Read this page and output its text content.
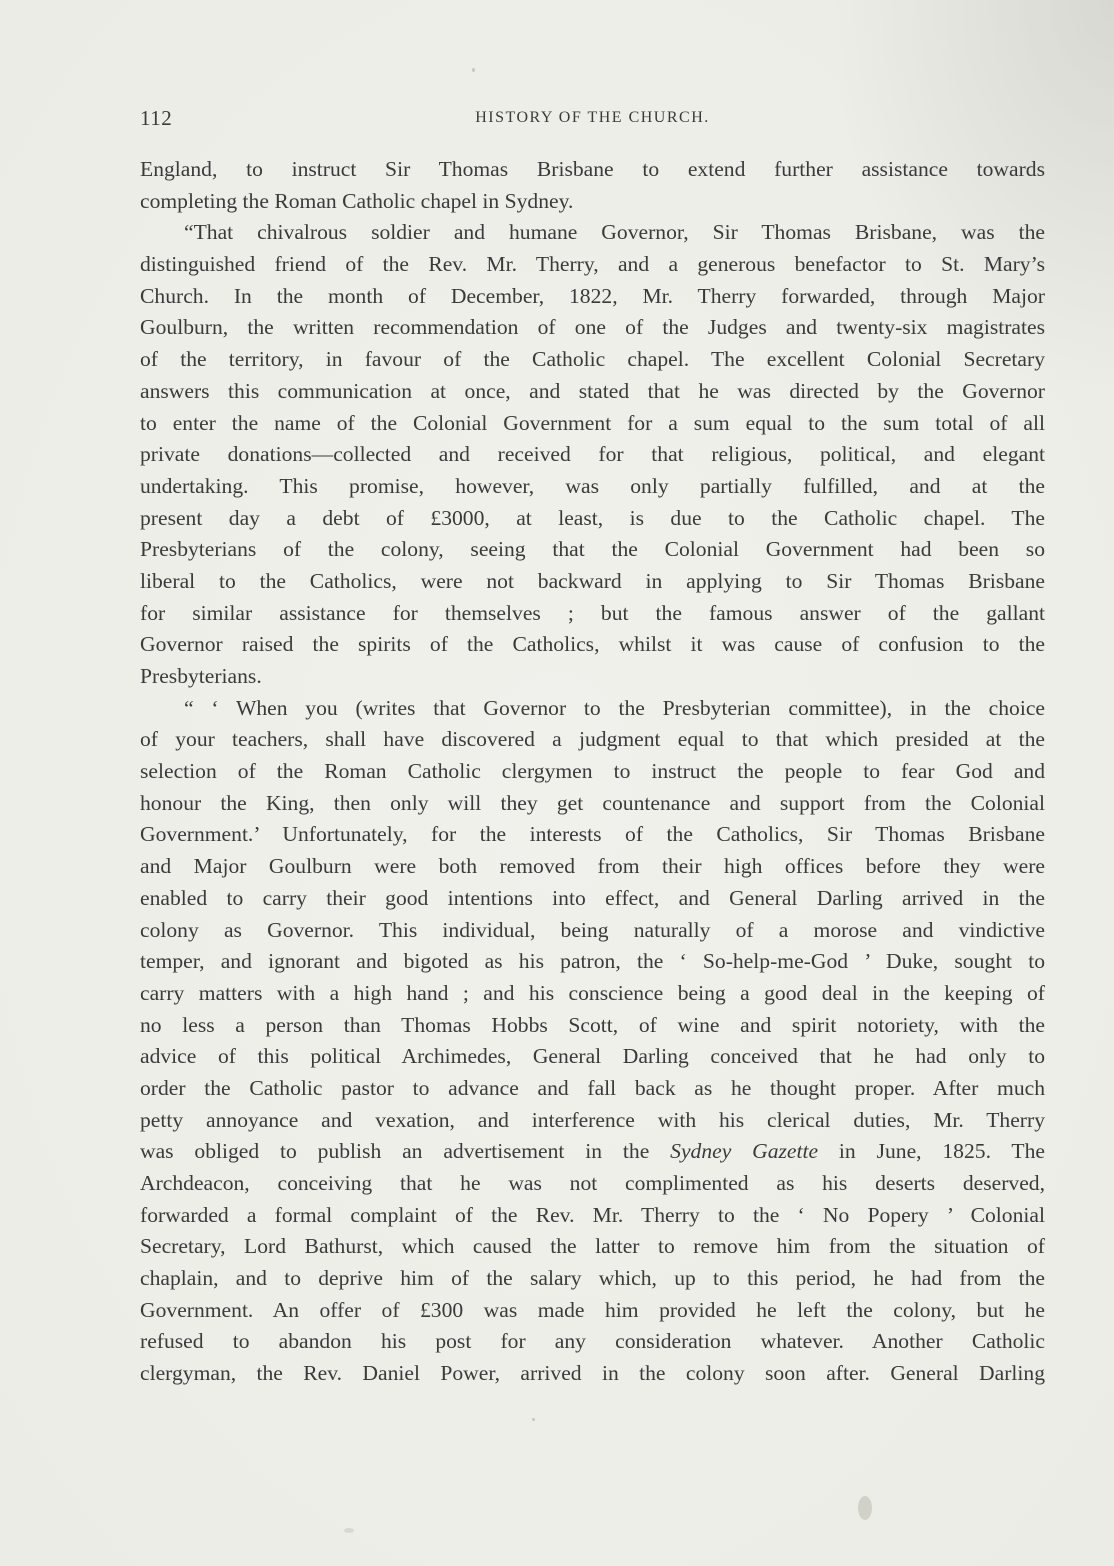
112	HISTORY OF THE CHURCH.
England, to instruct Sir Thomas Brisbane to extend further assistance towards
completing the Roman Catholic chapel in Sydney.
“That chivalrous soldier and humane Governor, Sir Thomas Brisbane, was the
distinguished friend of the Rev. Mr. Therry, and a generous benefactor to St. Mary’s
Church. In the month of December, 1822, Mr. Therry forwarded, through Major
Goulburn, the written recommendation of one of the Judges and twenty-six magistrates
of the territory, in favour of the Catholic chapel. The excellent Colonial Secretary
answers this communication at once, and stated that he was directed by the Governor
to enter the name of the Colonial Government for a sum equal to the sum total of all
private donations—collected and received for that religious, political, and elegant
undertaking. This promise, however, was only partially fulfilled, and at the
present day a debt of £3000, at least, is due to the Catholic chapel. The
Presbyterians of the colony, seeing that the Colonial Government had been so
liberal to the Catholics, were not backward in applying to Sir Thomas Brisbane
for similar assistance for themselves ; but the famous answer of the gallant
Governor raised the spirits of the Catholics, whilst it was cause of confusion to the
Presbyterians.
“ ‘ When you (writes that Governor to the Presbyterian committee), in the choice
of your teachers, shall have discovered a judgment equal to that which presided at the
selection of the Roman Catholic clergymen to instruct the people to fear God and
honour the King, then only will they get countenance and support from the Colonial
Government.’ Unfortunately, for the interests of the Catholics, Sir Thomas Brisbane
and Major Goulburn were both removed from their high offices before they were
enabled to carry their good intentions into effect, and General Darling arrived in the
colony as Governor. This individual, being naturally of a morose and vindictive
temper, and ignorant and bigoted as his patron, the ‘ So-help-me-God ’ Duke, sought to
carry matters with a high hand ; and his conscience being a good deal in the keeping of
no less a person than Thomas Hobbs Scott, of wine and spirit notoriety, with the
advice of this political Archimedes, General Darling conceived that he had only to
order the Catholic pastor to advance and fall back as he thought proper. After much
petty annoyance and vexation, and interference with his clerical duties, Mr. Therry
was obliged to publish an advertisement in the Sydney Gazette in June, 1825. The
Archdeacon, conceiving that he was not complimented as his deserts deserved,
forwarded a formal complaint of the Rev. Mr. Therry to the ‘ No Popery ’ Colonial
Secretary, Lord Bathurst, which caused the latter to remove him from the situation of
chaplain, and to deprive him of the salary which, up to this period, he had from the
Government. An offer of £300 was made him provided he left the colony, but he
refused to abandon his post for any consideration whatever. Another Catholic
clergyman, the Rev. Daniel Power, arrived in the colony soon after. General Darling
